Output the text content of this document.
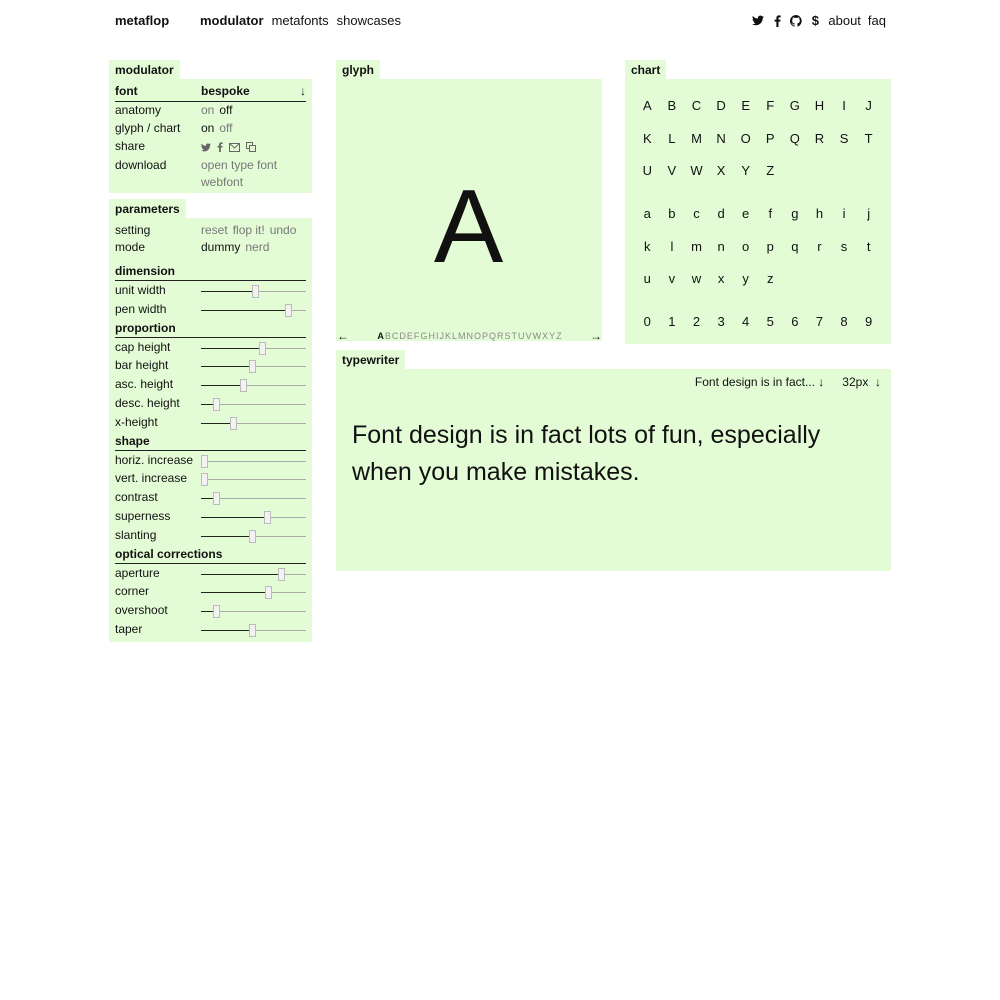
metaflop modulator metafonts showcases	$ about faq
modulator
font	bespoke	↓
anatomy	on off
glyph / chart on off
share
download	open type font
webfont
parameters
setting	reset flop it! undo
mode	dummy nerd
dimension
unit width
pen width
proportion
cap height
bar height
asc. height
desc. height
x-height
shape
horiz. increase
vert. increase
contrast
superness
slanting
optical corrections
aperture
corner
overshoot
taper
glyph
A
←	A B C D E F G H I J K L M N O P Q R S T U V W X Y Z →
chart
A	B	C	D	E	F	G	H	I	J
K	L	M	N	O	P	Q	R	S	T
U	V	W	X	Y	Z
a	b	c	d	e	f	g	h	i	j
k	l	m	n	o	p	q	r	s	t
u	v	w	x	y	z
0	1	2	3	4	5	6	7	8	9
typewriter
Font design is in fact... ↓ 32px  ↓
Font design is in fact lots of fun, especially when you make mistakes.
